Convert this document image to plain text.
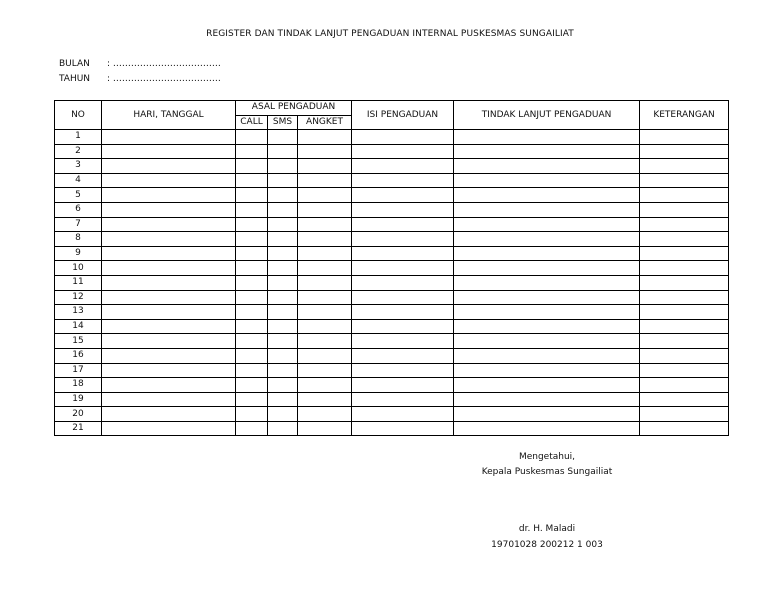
REGISTER DAN TINDAK LANJUT PENGADUAN INTERNAL PUSKESMAS SUNGAILIAT
BULAN : ………………………………
TAHUN : ………………………………
NO	HARI, TANGGAL	ASAL PENGADUAN			ISI PENGADUAN	TINDAK LANJUT PENGADUAN	KETERANGAN
		CALL	SMS	ANGKET			
1							
2							
3							
4							
5							
6							
7							
8							
9							
10							
11							
12							
13							
14							
15							
16							
17							
18							
19							
20							
21							
Mengetahui,
Kepala Puskesmas Sungailiat
dr. H. Maladi
19701028 200212 1 003
